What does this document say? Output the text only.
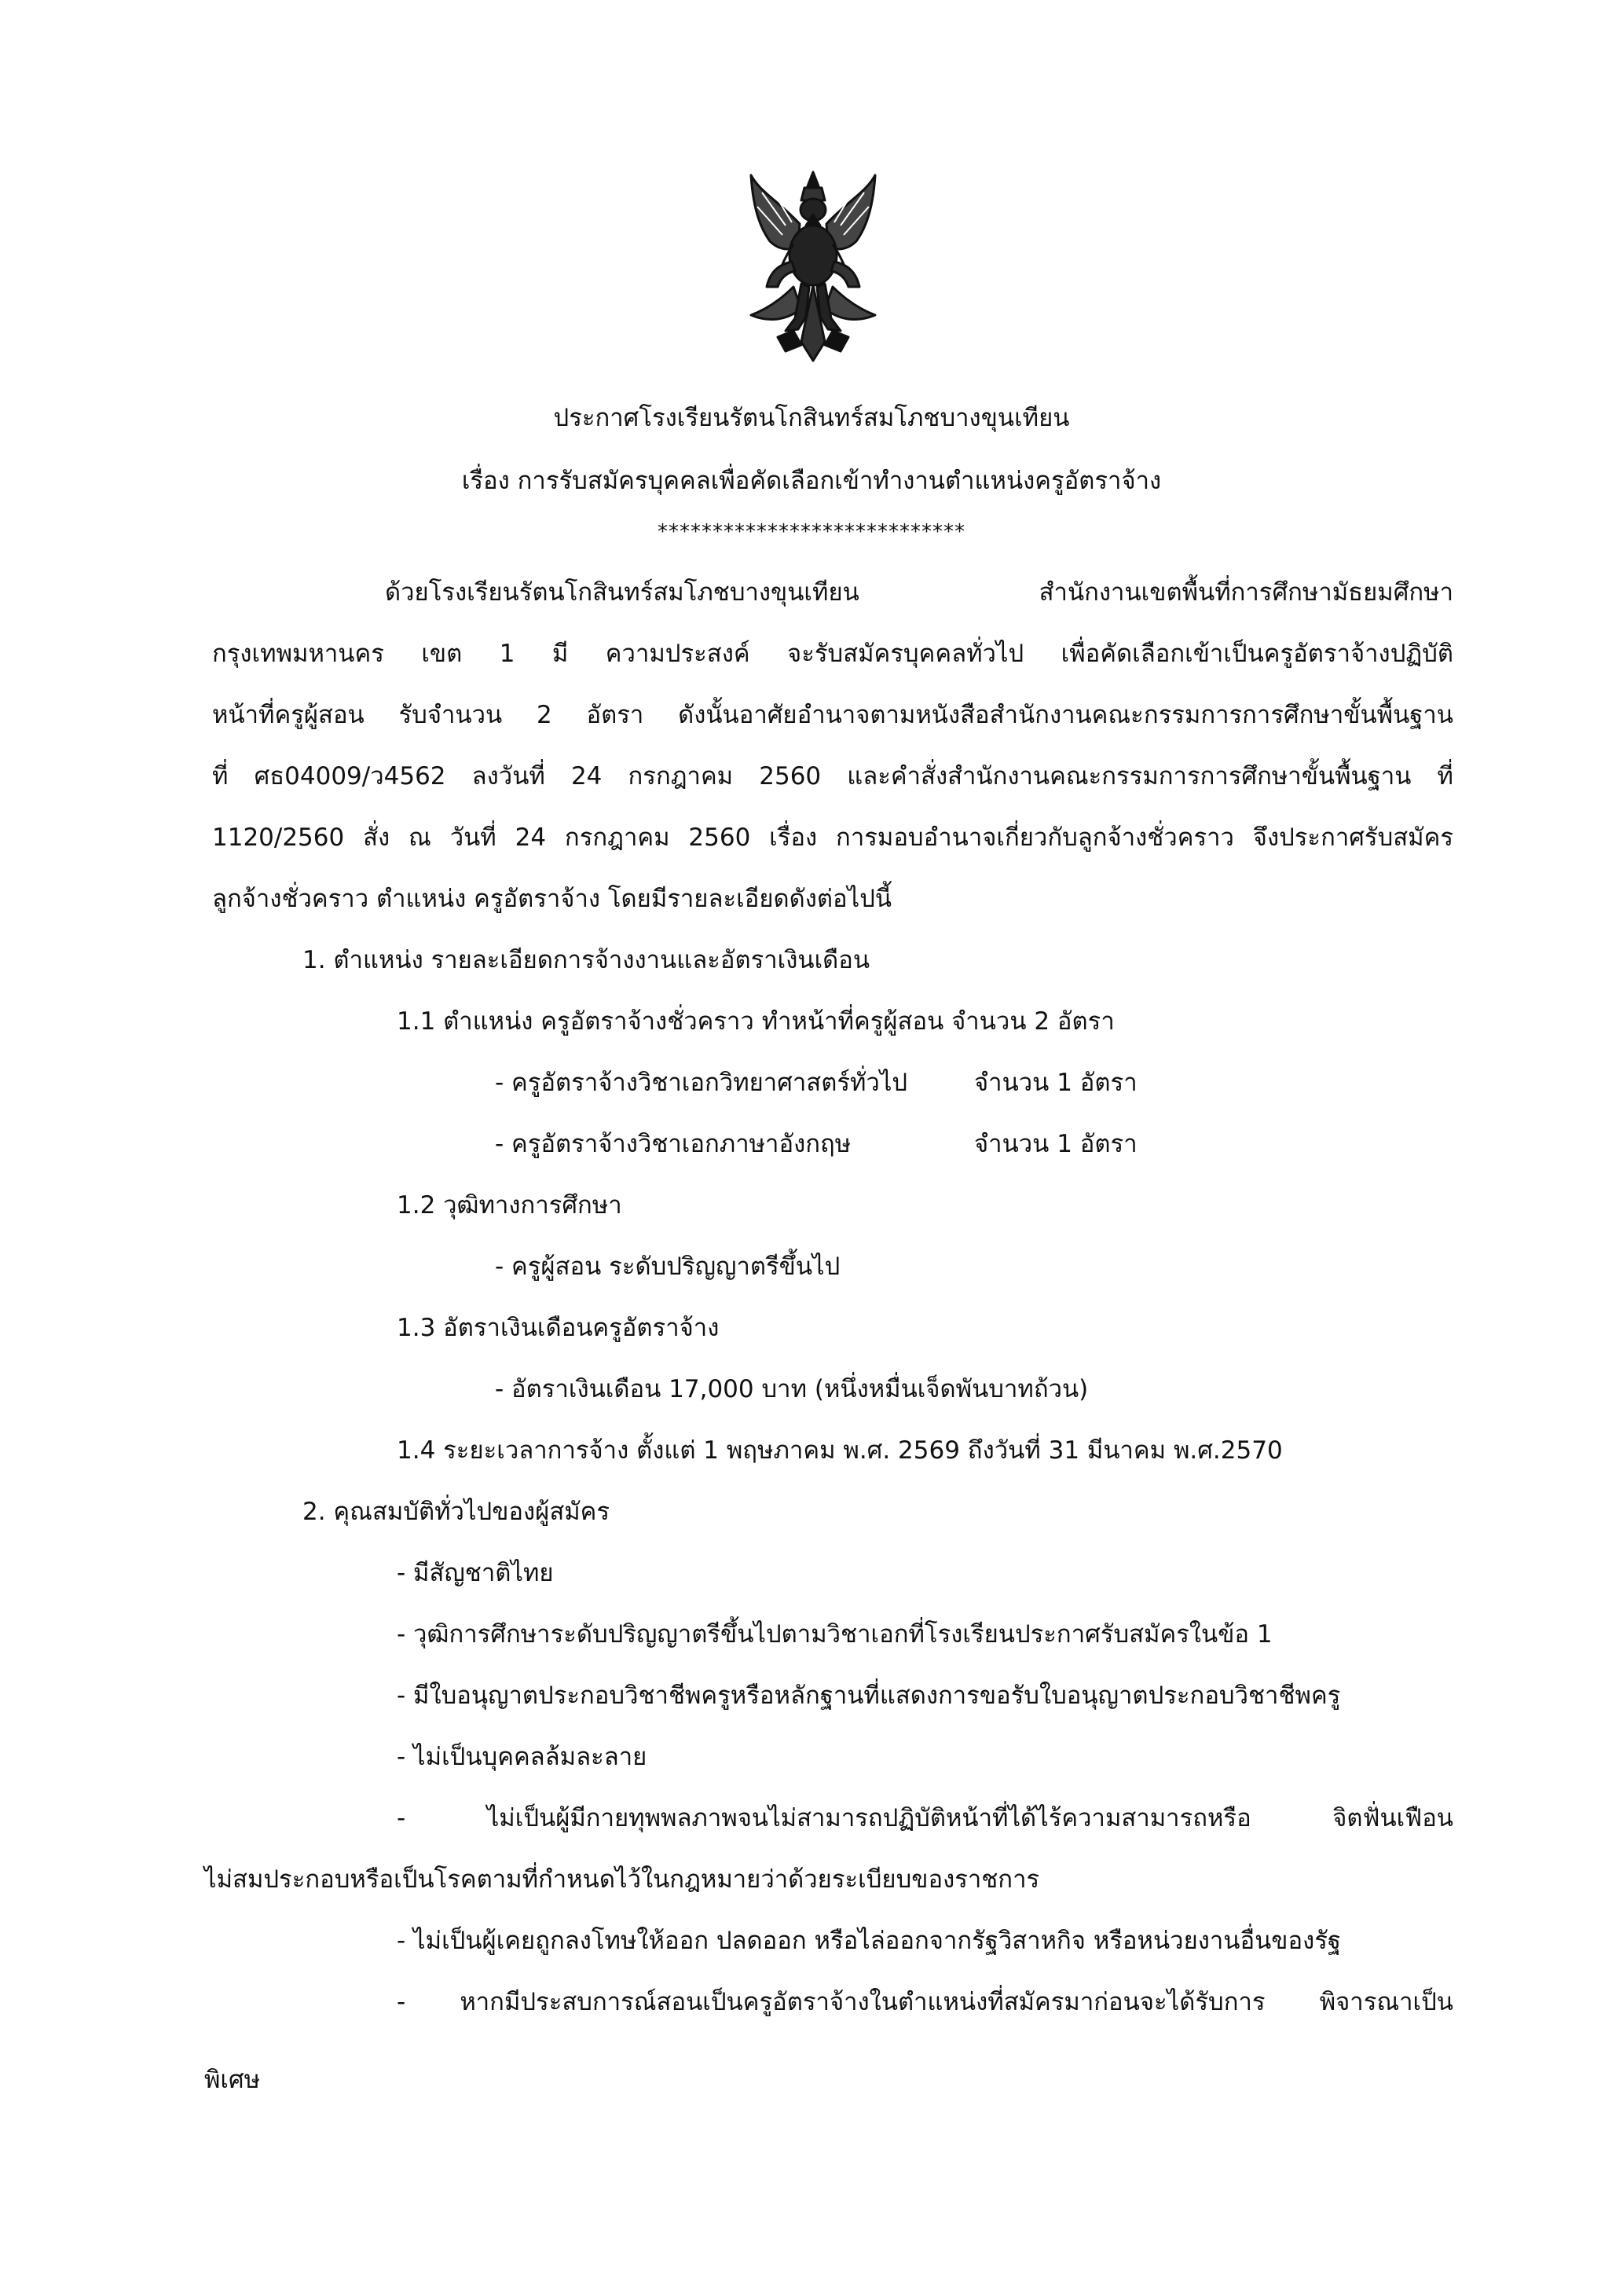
ประกาศโรงเรียนรัตนโกสินทร์สมโภชบางขุนเทียน
เรื่อง การรับสมัครบุคคลเพื่อคัดเลือกเข้าทำงานตำแหน่งครูอัตราจ้าง
****************************
ด้วยโรงเรียนรัตนโกสินทร์สมโภชบางขุนเทียน สำนักงานเขตพื้นที่การศึกษามัธยมศึกษา
กรุงเทพมหานคร เขต 1 มี ความประสงค์ จะรับสมัครบุคคลทั่วไป เพื่อคัดเลือกเข้าเป็นครูอัตราจ้างปฏิบัติ
หน้าที่ครูผู้สอน รับจำนวน 2 อัตรา ดังนั้นอาศัยอำนาจตามหนังสือสำนักงานคณะกรรมการการศึกษาขั้นพื้นฐาน
ที่ ศธ04009/ว4562 ลงวันที่ 24 กรกฎาคม 2560 และคำสั่งสำนักงานคณะกรรมการการศึกษาขั้นพื้นฐาน ที่
1120/2560 สั่ง ณ วันที่ 24 กรกฎาคม 2560 เรื่อง การมอบอำนาจเกี่ยวกับลูกจ้างชั่วคราว จึงประกาศรับสมัคร
ลูกจ้างชั่วคราว ตำแหน่ง ครูอัตราจ้าง โดยมีรายละเอียดดังต่อไปนี้
1. ตำแหน่ง รายละเอียดการจ้างงานและอัตราเงินเดือน
1.1 ตำแหน่ง ครูอัตราจ้างชั่วคราว ทำหน้าที่ครูผู้สอน จำนวน 2 อัตรา
- ครูอัตราจ้างวิชาเอกวิทยาศาสตร์ทั่วไป	จำนวน 1 อัตรา
- ครูอัตราจ้างวิชาเอกภาษาอังกฤษ	จำนวน 1 อัตรา
1.2 วุฒิทางการศึกษา
- ครูผู้สอน ระดับปริญญาตรีขึ้นไป
1.3 อัตราเงินเดือนครูอัตราจ้าง
- อัตราเงินเดือน 17,000 บาท (หนึ่งหมื่นเจ็ดพันบาทถ้วน)
1.4 ระยะเวลาการจ้าง ตั้งแต่ 1 พฤษภาคม พ.ศ. 2569 ถึงวันที่ 31 มีนาคม พ.ศ.2570
2. คุณสมบัติทั่วไปของผู้สมัคร
- มีสัญชาติไทย
- วุฒิการศึกษาระดับปริญญาตรีขึ้นไปตามวิชาเอกที่โรงเรียนประกาศรับสมัครในข้อ 1
- มีใบอนุญาตประกอบวิชาชีพครูหรือหลักฐานที่แสดงการขอรับใบอนุญาตประกอบวิชาชีพครู
- ไม่เป็นบุคคลล้มละลาย
- ไม่เป็นผู้มีกายทุพพลภาพจนไม่สามารถปฏิบัติหน้าที่ได้ไร้ความสามารถหรือ จิตฟั่นเฟือน
ไม่สมประกอบหรือเป็นโรคตามที่กำหนดไว้ในกฎหมายว่าด้วยระเบียบของราชการ
- ไม่เป็นผู้เคยถูกลงโทษให้ออก ปลดออก หรือไล่ออกจากรัฐวิสาหกิจ หรือหน่วยงานอื่นของรัฐ
- หากมีประสบการณ์สอนเป็นครูอัตราจ้างในตำแหน่งที่สมัครมาก่อนจะได้รับการ พิจารณาเป็น
พิเศษ
